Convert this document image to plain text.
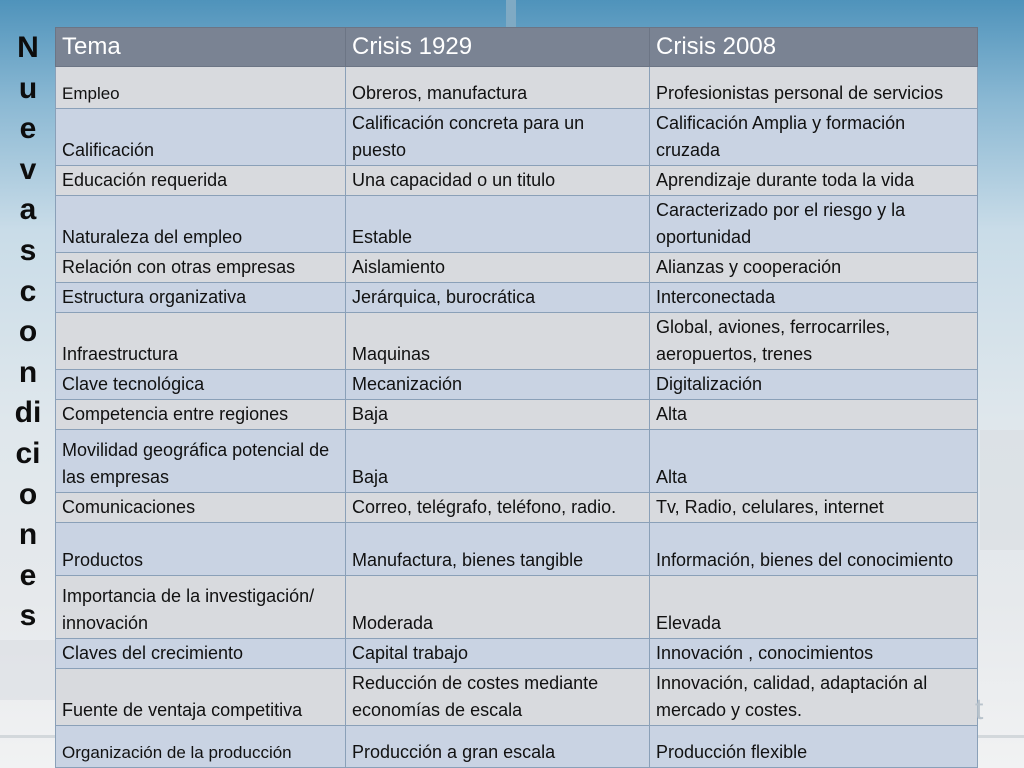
N
u
e
v
a
s
c
o
n
di
ci
o
n
e
s
Tema	Crisis 1929	Crisis 2008
Empleo	Obreros, manufactura	Profesionistas personal de servicios
Calificación	Calificación concreta para un puesto	Calificación Amplia y formación cruzada
Educación requerida	Una capacidad o un titulo	Aprendizaje durante toda la vida
Naturaleza del empleo	Estable	Caracterizado por el riesgo y la oportunidad
Relación con otras empresas	Aislamiento	Alianzas y cooperación
Estructura organizativa	Jerárquica, burocrática	Interconectada
Infraestructura	Maquinas	Global, aviones, ferrocarriles, aeropuertos, trenes
Clave tecnológica	Mecanización	Digitalización
Competencia entre regiones	Baja	Alta
Movilidad geográfica potencial de las empresas	Baja	Alta
Comunicaciones	Correo, telégrafo, teléfono, radio.	Tv, Radio, celulares, internet
Productos	Manufactura, bienes tangible	Información, bienes del conocimiento
Importancia de la investigación/ innovación	Moderada	Elevada
Claves del crecimiento	Capital trabajo	Innovación , conocimientos
Fuente de ventaja competitiva	Reducción de costes mediante economías de escala	Innovación, calidad, adaptación al mercado y costes.
Organización de la producción	Producción a gran escala	Producción flexible
t
